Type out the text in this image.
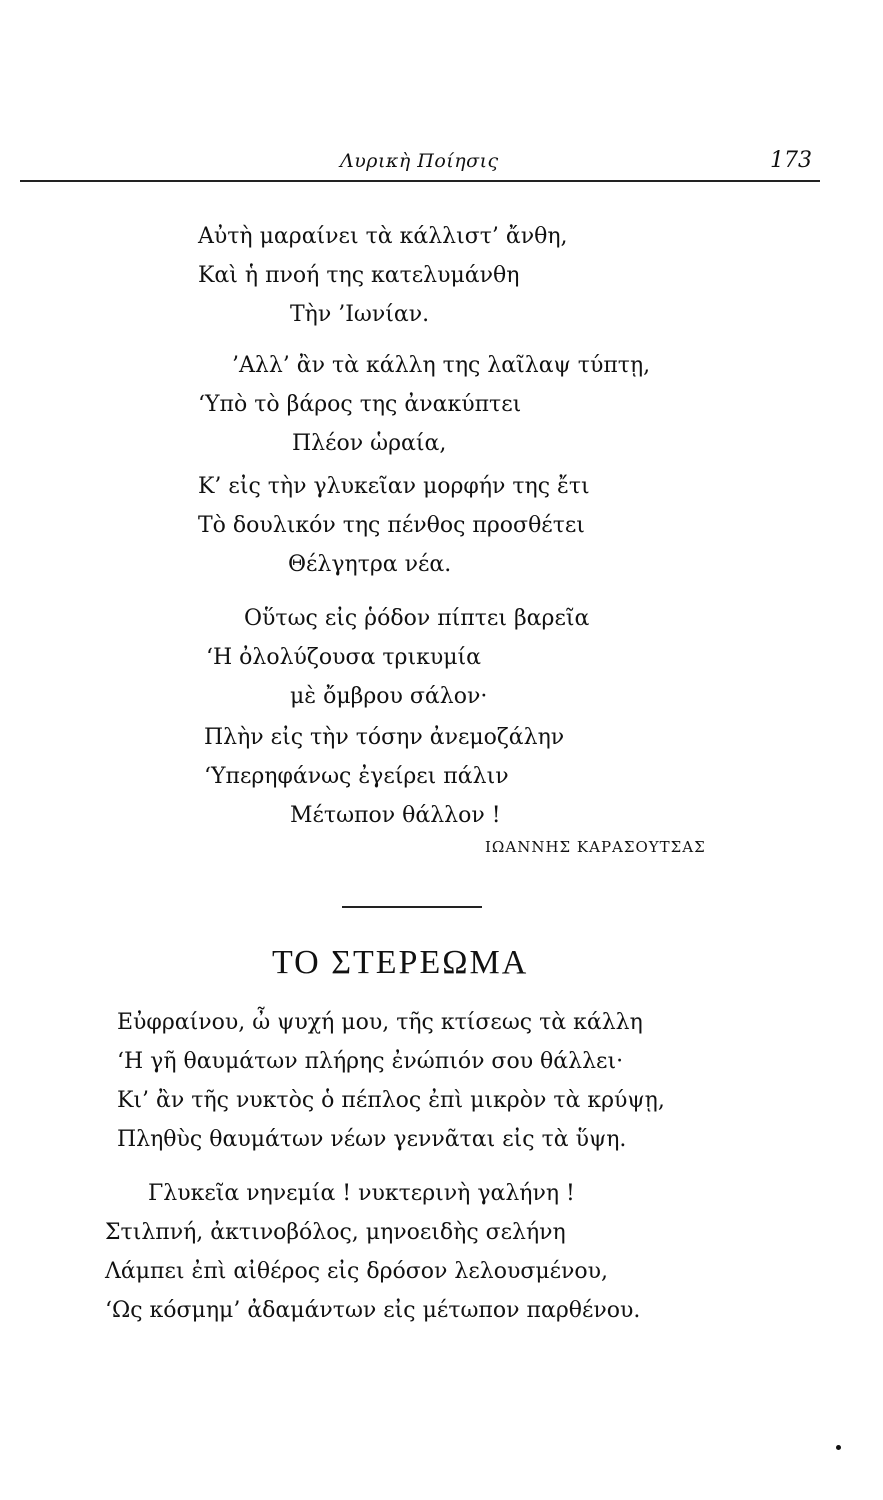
Λυρικὴ Ποίησις	173
Αὐτὴ μαραίνει τὰ κάλλιστ’ ἄνθη,
Καὶ ἡ πνοή της κατελυμάνθη
Τὴν ’Ιωνίαν.
’Αλλ’ ἂν τὰ κάλλη της λαῖλαψ τύπτῃ,
‘Υπὸ τὸ βάρος της ἀνακύπτει
Πλέον ὡραία,
Κ’ εἰς τὴν γλυκεῖαν μορφήν της ἔτι
Τὸ δουλικόν της πένθος προσθέτει
Θέλγητρα νέα.
Οὕτως εἰς ῥόδον πίπτει βαρεῖα
‘Η ὀλολύζουσα τρικυμία
μὲ ὄμβρου σάλον·
Πλὴν εἰς τὴν τόσην ἀνεμοζάλην
‘Υπερηφάνως ἐγείρει πάλιν
Μέτωπον θάλλον !
ΙΩΑΝΝΗΣ ΚΑΡΑΣΟΥΤΣΑΣ
ΤΟ ΣΤΕΡΕΩΜΑ
Εὐφραίνου, ὦ ψυχή μου, τῆς κτίσεως τὰ κάλλη
‘Η γῆ θαυμάτων πλήρης ἐνώπιόν σου θάλλει·
Κι’ ἂν τῆς νυκτὸς ὁ πέπλος ἐπὶ μικρὸν τὰ κρύψῃ,
Πληθὺς θαυμάτων νέων γεννᾶται εἰς τὰ ὕψη.
Γλυκεῖα νηνεμία ! νυκτερινὴ γαλήνη !
Στιλπνή, ἀκτινοβόλος, μηνοειδὴς σελήνη
Λάμπει ἐπὶ αἰθέρος εἰς δρόσον λελουσμένου,
‘Ως κόσμημ’ ἀδαμάντων εἰς μέτωπον παρθένου.
